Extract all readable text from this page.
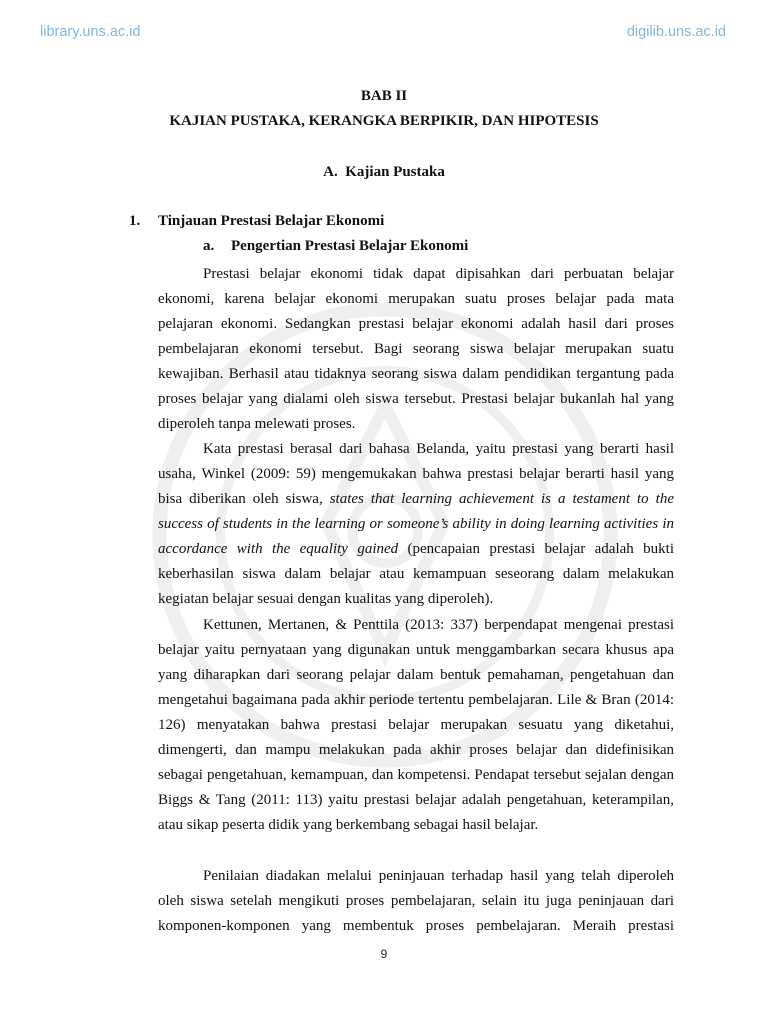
library.uns.ac.id	digilib.uns.ac.id
BAB II
KAJIAN PUSTAKA, KERANGKA BERPIKIR, DAN HIPOTESIS
A.  Kajian Pustaka
1. Tinjauan Prestasi Belajar Ekonomi
a. Pengertian Prestasi Belajar Ekonomi

Prestasi belajar ekonomi tidak dapat dipisahkan dari perbuatan belajar ekonomi, karena belajar ekonomi merupakan suatu proses belajar pada mata pelajaran ekonomi. Sedangkan prestasi belajar ekonomi adalah hasil dari proses pembelajaran ekonomi tersebut. Bagi seorang siswa belajar merupakan suatu kewajiban. Berhasil atau tidaknya seorang siswa dalam pendidikan tergantung pada proses belajar yang dialami oleh siswa tersebut. Prestasi belajar bukanlah hal yang diperoleh tanpa melewati proses.

Kata prestasi berasal dari bahasa Belanda, yaitu prestasi yang berarti hasil usaha, Winkel (2009: 59) mengemukakan bahwa prestasi belajar berarti hasil yang bisa diberikan oleh siswa, states that learning achievement is a testament to the success of students in the learning or someone’s ability in doing learning activities in accordance with the equality gained (pencapaian prestasi belajar adalah bukti keberhasilan siswa dalam belajar atau kemampuan seseorang dalam melakukan kegiatan belajar sesuai dengan kualitas yang diperoleh).

Kettunen, Mertanen, & Penttila (2013: 337) berpendapat mengenai prestasi belajar yaitu pernyataan yang digunakan untuk menggambarkan secara khusus apa yang diharapkan dari seorang pelajar dalam bentuk pemahaman, pengetahuan dan mengetahui bagaimana pada akhir periode tertentu pembelajaran. Lile & Bran (2014: 126) menyatakan bahwa prestasi belajar merupakan sesuatu yang diketahui, dimengerti, dan mampu melakukan pada akhir proses belajar dan didefinisikan sebagai pengetahuan, kemampuan, dan kompetensi. Pendapat tersebut sejalan dengan Biggs & Tang (2011: 113) yaitu prestasi belajar adalah pengetahuan, keterampilan, atau sikap peserta didik yang berkembang sebagai hasil belajar.

Penilaian diadakan melalui peninjauan terhadap hasil yang telah diperoleh oleh siswa setelah mengikuti proses pembelajaran, selain itu juga peninjauan dari komponen-komponen yang membentuk proses pembelajaran. Meraih prestasi

9
